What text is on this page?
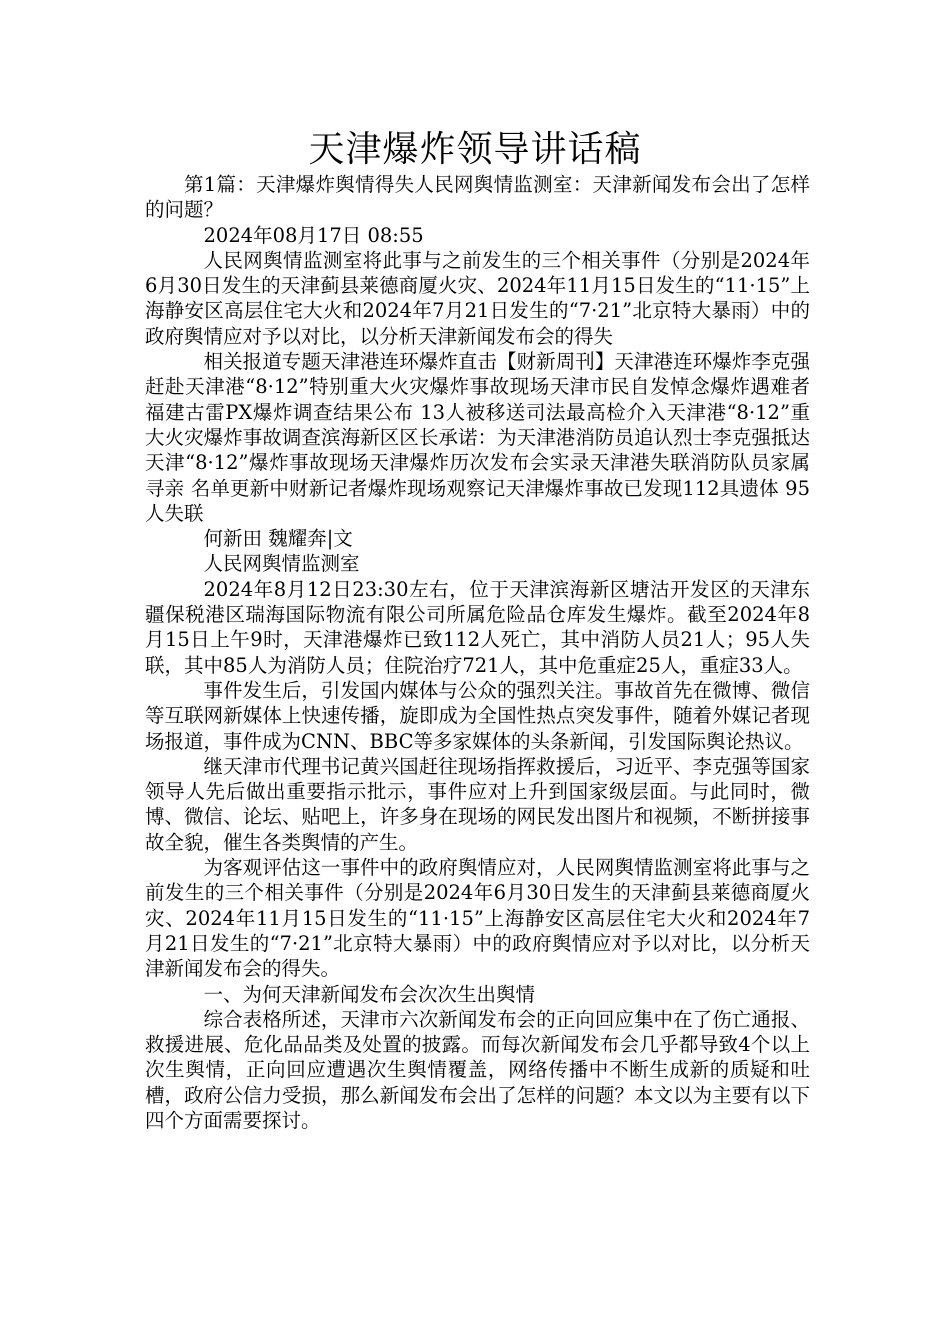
天津爆炸领导讲话稿

第1篇：天津爆炸舆情得失人民网舆情监测室：天津新闻发布会出了怎样的问题？

2024年08月17日 08:55

人民网舆情监测室将此事与之前发生的三个相关事件（分别是2024年6月30日发生的天津蓟县莱德商厦火灾、2024年11月15日发生的“11·15”上海静安区高层住宅大火和2024年7月21日发生的“7·21”北京特大暴雨）中的政府舆情应对予以对比，以分析天津新闻发布会的得失

相关报道专题天津港连环爆炸直击【财新周刊】天津港连环爆炸李克强赶赴天津港“8·12”特别重大火灾爆炸事故现场天津市民自发悼念爆炸遇难者福建古雷PX爆炸调查结果公布 13人被移送司法最高检介入天津港“8·12”重大火灾爆炸事故调查滨海新区区长承诺：为天津港消防员追认烈士李克强抵达天津“8·12”爆炸事故现场天津爆炸历次发布会实录天津港失联消防队员家属寻亲 名单更新中财新记者爆炸现场观察记天津爆炸事故已发现112具遗体 95人失联

何新田 魏耀奔|文

人民网舆情监测室

2024年8月12日23:30左右，位于天津滨海新区塘沽开发区的天津东疆保税港区瑞海国际物流有限公司所属危险品仓库发生爆炸。截至2024年8月15日上午9时，天津港爆炸已致112人死亡，其中消防人员21人；95人失联，其中85人为消防人员；住院治疗721人，其中危重症25人，重症33人。

事件发生后，引发国内媒体与公众的强烈关注。事故首先在微博、微信等互联网新媒体上快速传播，旋即成为全国性热点突发事件，随着外媒记者现场报道，事件成为CNN、BBC等多家媒体的头条新闻，引发国际舆论热议。

继天津市代理书记黄兴国赶往现场指挥救援后，习近平、李克强等国家领导人先后做出重要指示批示，事件应对上升到国家级层面。与此同时，微博、微信、论坛、贴吧上，许多身在现场的网民发出图片和视频，不断拼接事故全貌，催生各类舆情的产生。

为客观评估这一事件中的政府舆情应对，人民网舆情监测室将此事与之前发生的三个相关事件（分别是2024年6月30日发生的天津蓟县莱德商厦火灾、2024年11月15日发生的“11·15”上海静安区高层住宅大火和2024年7月21日发生的“7·21”北京特大暴雨）中的政府舆情应对予以对比，以分析天津新闻发布会的得失。

一、为何天津新闻发布会次次生出舆情

综合表格所述，天津市六次新闻发布会的正向回应集中在了伤亡通报、救援进展、危化品品类及处置的披露。而每次新闻发布会几乎都导致4个以上次生舆情，正向回应遭遇次生舆情覆盖，网络传播中不断生成新的质疑和吐槽，政府公信力受损，那么新闻发布会出了怎样的问题？本文以为主要有以下四个方面需要探讨。
